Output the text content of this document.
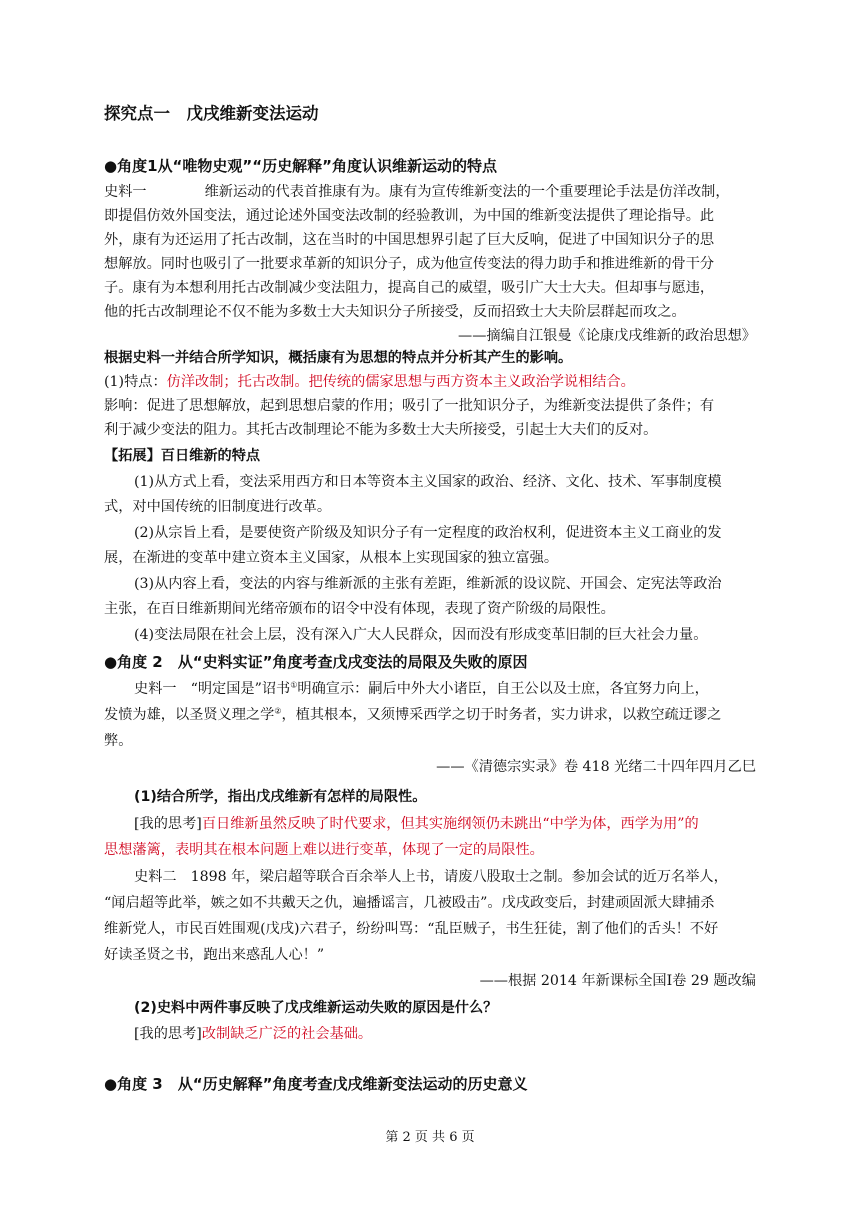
探究点一　戊戌维新变法运动
●角度1从“唯物史观”“历史解释”角度认识维新运动的特点
史料一	维新运动的代表首推康有为。康有为宣传维新变法的一个重要理论手法是仿洋改制，
即提倡仿效外国变法，通过论述外国变法改制的经验教训，为中国的维新变法提供了理论指导。此
外，康有为还运用了托古改制，这在当时的中国思想界引起了巨大反响，促进了中国知识分子的思
想解放。同时也吸引了一批要求革新的知识分子，成为他宣传变法的得力助手和推进维新的骨干分
子。康有为本想利用托古改制减少变法阻力，提高自己的威望，吸引广大士大夫。但却事与愿违，
他的托古改制理论不仅不能为多数士大夫知识分子所接受，反而招致士大夫阶层群起而攻之。
——摘编自江银曼《论康戊戌维新的政治思想》
根据史料一并结合所学知识，概括康有为思想的特点并分析其产生的影响。
(1)特点：仿洋改制；托古改制。把传统的儒家思想与西方资本主义政治学说相结合。
影响：促进了思想解放，起到思想启蒙的作用；吸引了一批知识分子，为维新变法提供了条件；有
利于减少变法的阻力。其托古改制理论不能为多数士大夫所接受，引起士大夫们的反对。
【拓展】百日维新的特点
(1)从方式上看，变法采用西方和日本等资本主义国家的政治、经济、文化、技术、军事制度模
式，对中国传统的旧制度进行改革。
(2)从宗旨上看，是要使资产阶级及知识分子有一定程度的政治权利，促进资本主义工商业的发
展，在渐进的变革中建立资本主义国家，从根本上实现国家的独立富强。
(3)从内容上看，变法的内容与维新派的主张有差距，维新派的设议院、开国会、定宪法等政治
主张，在百日维新期间光绪帝颁布的诏令中没有体现，表现了资产阶级的局限性。
(4)变法局限在社会上层，没有深入广大人民群众，因而没有形成变革旧制的巨大社会力量。
●角度 2　从“史料实证”角度考查戊戌变法的局限及失败的原因
史料一 “明定国是”诏书①明确宣示：嗣后中外大小诸臣，自王公以及士庶，各宜努力向上，
发愤为雄，以圣贤义理之学②，植其根本，又须博采西学之切于时务者，实力讲求，以救空疏迂谬之
弊。
——《清德宗实录》卷 418 光绪二十四年四月乙巳
(1)结合所学，指出戊戌维新有怎样的局限性。
[我的思考]百日维新虽然反映了时代要求，但其实施纲领仍未跳出“中学为体，西学为用”的
思想藩篱，表明其在根本问题上难以进行变革，体现了一定的局限性。
史料二 1898 年，梁启超等联合百余举人上书，请废八股取士之制。参加会试的近万名举人，
“闻启超等此举，嫉之如不共戴天之仇，遍播谣言，几被殴击”。戊戌政变后，封建顽固派大肆捕杀
维新党人，市民百姓围观(戊戌)六君子，纷纷叫骂：“乱臣贼子，书生狂徒，割了他们的舌头！不好
好读圣贤之书，跑出来惑乱人心！”
——根据 2014 年新课标全国Ⅰ卷 29 题改编
(2)史料中两件事反映了戊戌维新运动失败的原因是什么？
[我的思考]改制缺乏广泛的社会基础。
●角度 3　从“历史解释”角度考查戊戌维新变法运动的历史意义
第 2 页 共 6 页
